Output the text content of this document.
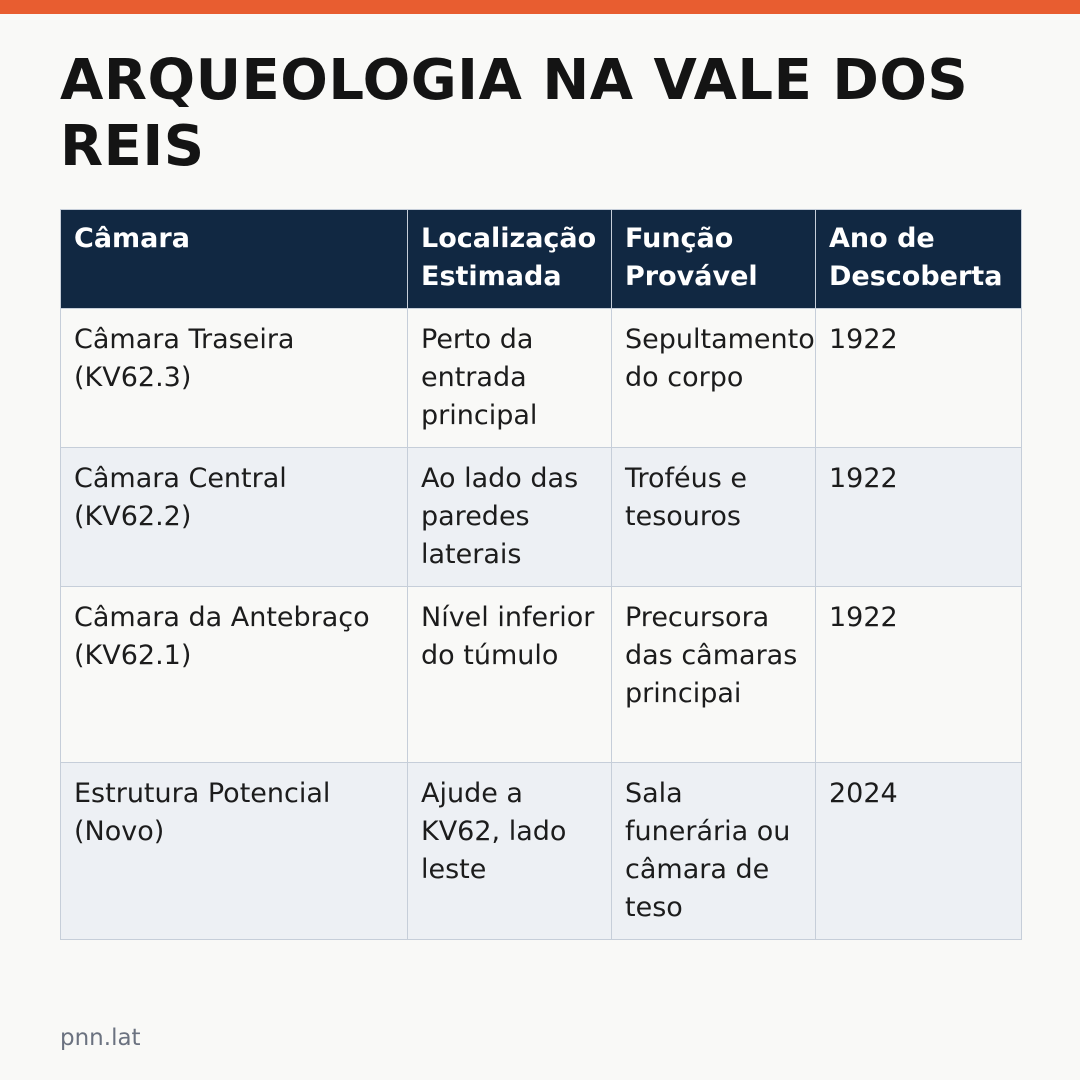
ARQUEOLOGIA NA VALE DOS REIS
Câmara	Localização Estimada	Função Provável	Ano de Descoberta
Câmara Traseira (KV62.3)	Perto da entrada principal	Sepultamento do corpo	1922
Câmara Central (KV62.2)	Ao lado das paredes laterais	Troféus e tesouros	1922
Câmara da Antebraço (KV62.1)	Nível inferior do túmulo	Precursora das câmaras principai	1922
Estrutura Potencial (Novo)	Ajude a KV62, lado leste	Sala funerária ou câmara de teso	2024
pnn.lat
